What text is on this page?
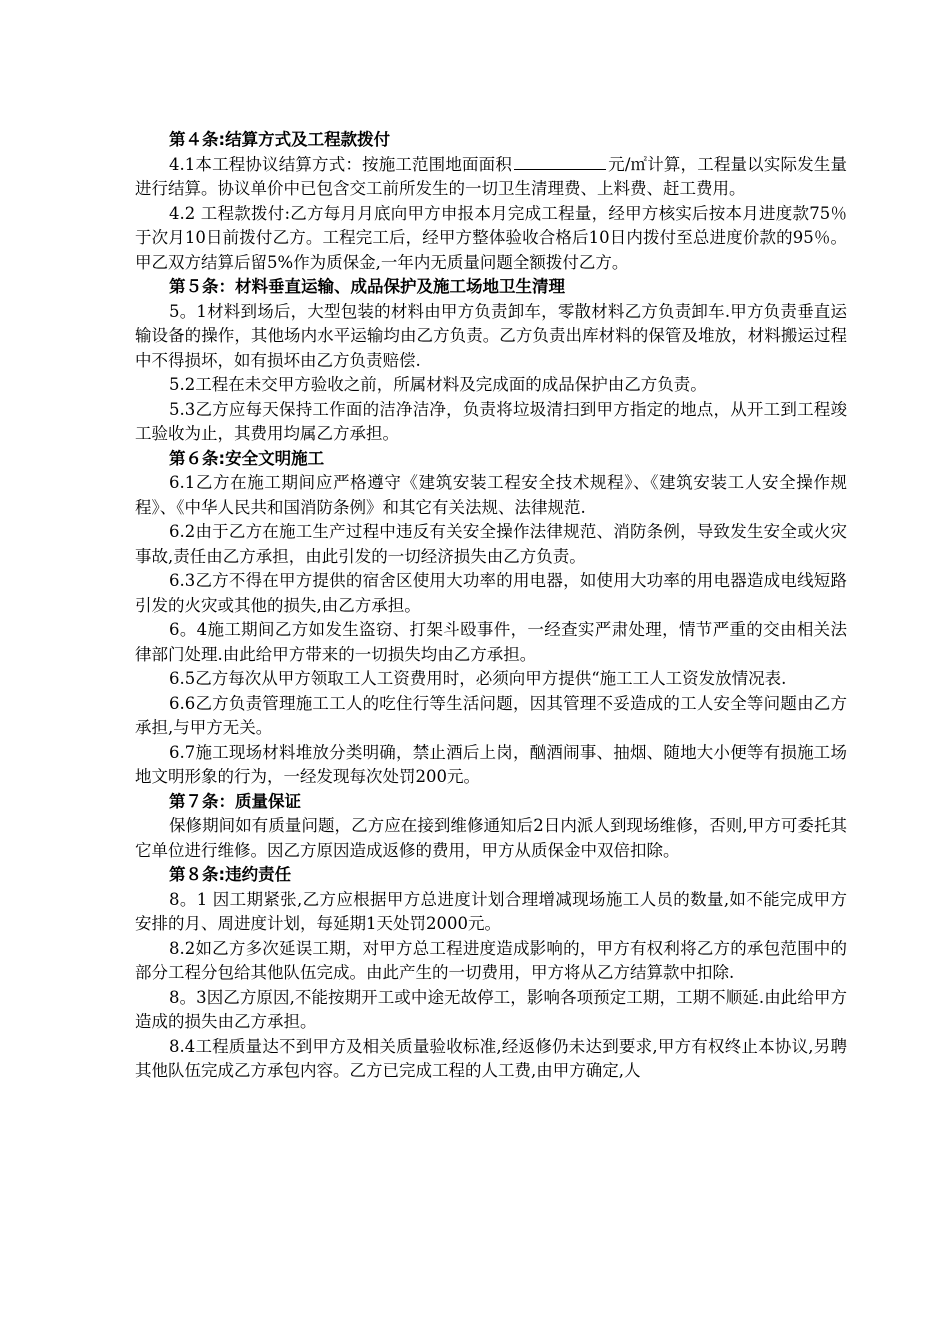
第４条:结算方式及工程款拨付

4.1本工程协议结算方式：按施工范围地面面积	元/㎡计算，工程量以实际发生量进行结算。协议单价中已包含交工前所发生的一切卫生清理费、上料费、赶工费用。

4.2 工程款拨付:乙方每月月底向甲方申报本月完成工程量，经甲方核实后按本月进度款75％于次月10日前拨付乙方。工程完工后，经甲方整体验收合格后10日内拨付至总进度价款的95％。甲乙双方结算后留5%作为质保金,一年内无质量问题全额拨付乙方。

第５条：材料垂直运输、成品保护及施工场地卫生清理

5。1材料到场后，大型包装的材料由甲方负责卸车，零散材料乙方负责卸车.甲方负责垂直运输设备的操作，其他场内水平运输均由乙方负责。乙方负责出库材料的保管及堆放，材料搬运过程中不得损坏，如有损坏由乙方负责赔偿.

5.2工程在未交甲方验收之前，所属材料及完成面的成品保护由乙方负责。

5.3乙方应每天保持工作面的洁净洁净，负责将垃圾清扫到甲方指定的地点，从开工到工程竣工验收为止，其费用均属乙方承担。

第６条:安全文明施工

6.1乙方在施工期间应严格遵守《建筑安装工程安全技术规程》、《建筑安装工人安全操作规程》、《中华人民共和国消防条例》和其它有关法规、法律规范.

6.2由于乙方在施工生产过程中违反有关安全操作法律规范、消防条例，导致发生安全或火灾事故,责任由乙方承担，由此引发的一切经济损失由乙方负责。

6.3乙方不得在甲方提供的宿舍区使用大功率的用电器，如使用大功率的用电器造成电线短路引发的火灾或其他的损失,由乙方承担。

6。4施工期间乙方如发生盗窃、打架斗殴事件，一经查实严肃处理，情节严重的交由相关法律部门处理.由此给甲方带来的一切损失均由乙方承担。

6.5乙方每次从甲方领取工人工资费用时，必须向甲方提供“施工工人工资发放情况表.

6.6乙方负责管理施工工人的吃住行等生活问题，因其管理不妥造成的工人安全等问题由乙方承担,与甲方无关。

6.7施工现场材料堆放分类明确，禁止酒后上岗，酗酒闹事、抽烟、随地大小便等有损施工场地文明形象的行为，一经发现每次处罚200元。

第７条：质量保证

保修期间如有质量问题，乙方应在接到维修通知后2日内派人到现场维修，否则,甲方可委托其它单位进行维修。因乙方原因造成返修的费用，甲方从质保金中双倍扣除。

第８条:违约责任

8。1 因工期紧张,乙方应根据甲方总进度计划合理增减现场施工人员的数量,如不能完成甲方安排的月、周进度计划，每延期1天处罚2000元。

8.2如乙方多次延误工期，对甲方总工程进度造成影响的，甲方有权利将乙方的承包范围中的部分工程分包给其他队伍完成。由此产生的一切费用，甲方将从乙方结算款中扣除.

8。3因乙方原因,不能按期开工或中途无故停工，影响各项预定工期，工期不顺延.由此给甲方造成的损失由乙方承担。

8.4工程质量达不到甲方及相关质量验收标准,经返修仍未达到要求,甲方有权终止本协议,另聘其他队伍完成乙方承包内容。乙方已完成工程的人工费,由甲方确定,人
